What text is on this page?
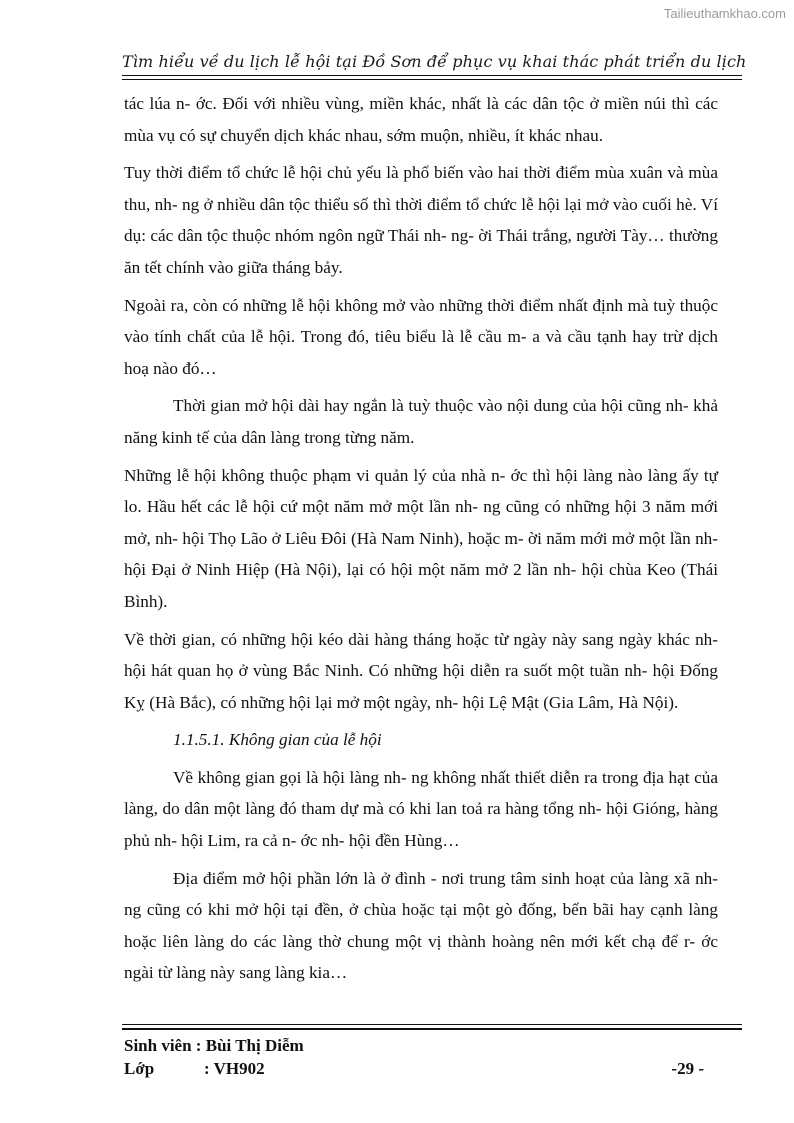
Tailieuthamkhao.com
Tìm hiểu về du lịch lễ hội tại Đồ Sơn để phục vụ khai thác phát triển du lịch

tác lúa n- ớc. Đối với nhiều vùng, miền khác, nhất là các dân tộc ở miền núi thì các mùa vụ có sự chuyển dịch khác nhau, sớm muộn, nhiều, ít khác nhau.

Tuy thời điểm tổ chức lễ hội chủ yếu là phổ biến vào hai thời điểm mùa xuân và mùa thu, nh- ng ở nhiều dân tộc thiểu số thì thời điểm tổ chức lễ hội lại mở vào cuối hè. Ví dụ: các dân tộc thuộc nhóm ngôn ngữ Thái nh- ng- ời Thái trắng, người Tày… thường ăn tết chính vào giữa tháng bảy.

Ngoài ra, còn có những lễ hội không mở vào những thời điểm nhất định mà tuỳ thuộc vào tính chất của lễ hội. Trong đó, tiêu biểu là lễ cầu m- a và cầu tạnh hay trừ dịch hoạ nào đó…

Thời gian mở hội dài hay ngắn là tuỳ thuộc vào nội dung của hội cũng nh- khả năng kinh tế của dân làng trong từng năm.

Những lễ hội không thuộc phạm vi quản lý của nhà n- ớc thì hội làng nào làng ấy tự lo. Hầu hết các lễ hội cứ một năm mở một lần nh- ng cũng có những hội 3 năm mới mở, nh- hội Thọ Lão ở Liêu Đôi (Hà Nam Ninh), hoặc m- ời năm mới mở một lần nh- hội Đại ở Ninh Hiệp (Hà Nội), lại có hội một năm mở 2 lần nh- hội chùa Keo (Thái Bình).

Về thời gian, có những hội kéo dài hàng tháng hoặc từ ngày này sang ngày khác nh- hội hát quan họ ở vùng Bắc Ninh. Có những hội diễn ra suốt một tuần nh- hội Đống Kỵ (Hà Bắc), có những hội lại mở một ngày, nh- hội Lệ Mật (Gia Lâm, Hà Nội).

1.1.5.1. Không gian của lễ hội

Về không gian gọi là hội làng nh- ng không nhất thiết diễn ra trong địa hạt của làng, do dân một làng đó tham dự mà có khi lan toả ra hàng tổng nh- hội Gióng, hàng phủ nh- hội Lim, ra cả n- ớc nh- hội đền Hùng…

Địa điểm mở hội phần lớn là ở đình - nơi trung tâm sinh hoạt của làng xã nh- ng cũng có khi mở hội tại đền, ở chùa hoặc tại một gò đống, bến bãi hay cạnh làng hoặc liên làng do các làng thờ chung một vị thành hoàng nên mới kết chạ để r- ớc ngài từ làng này sang làng kia…

Sinh viên :
Bùi Thị Diễm
Lớp	: VH902	-29 -
